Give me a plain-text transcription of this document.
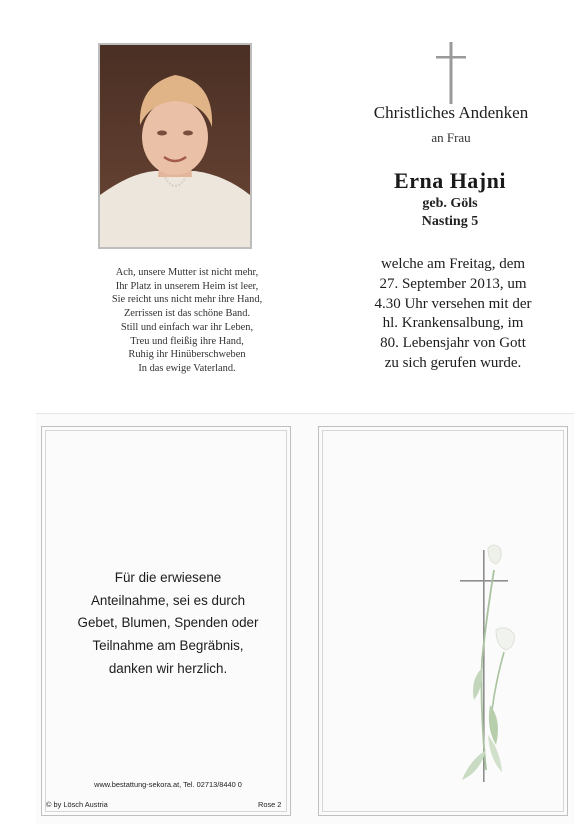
Christliches Andenken
an Frau
Erna Hajni
geb. Göls
Nasting 5
Ach, unsere Mutter ist nicht mehr,
Ihr Platz in unserem Heim ist leer,
Sie reicht uns nicht mehr ihre Hand,
Zerrissen ist das schöne Band.
Still und einfach war ihr Leben,
Treu und fleißig ihre Hand,
Ruhig ihr Hinüberschweben
In das ewige Vaterland.
welche am Freitag, dem
27. September 2013, um
4.30 Uhr versehen mit der
hl. Krankensalbung, im
80. Lebensjahr von Gott
zu sich gerufen wurde.
Für die erwiesene
Anteilnahme, sei es durch
Gebet, Blumen, Spenden oder
Teilnahme am Begräbnis,
danken wir herzlich.
www.bestattung-sekora.at, Tel. 02713/8440 0
© by Lösch Austria	Rose 2
